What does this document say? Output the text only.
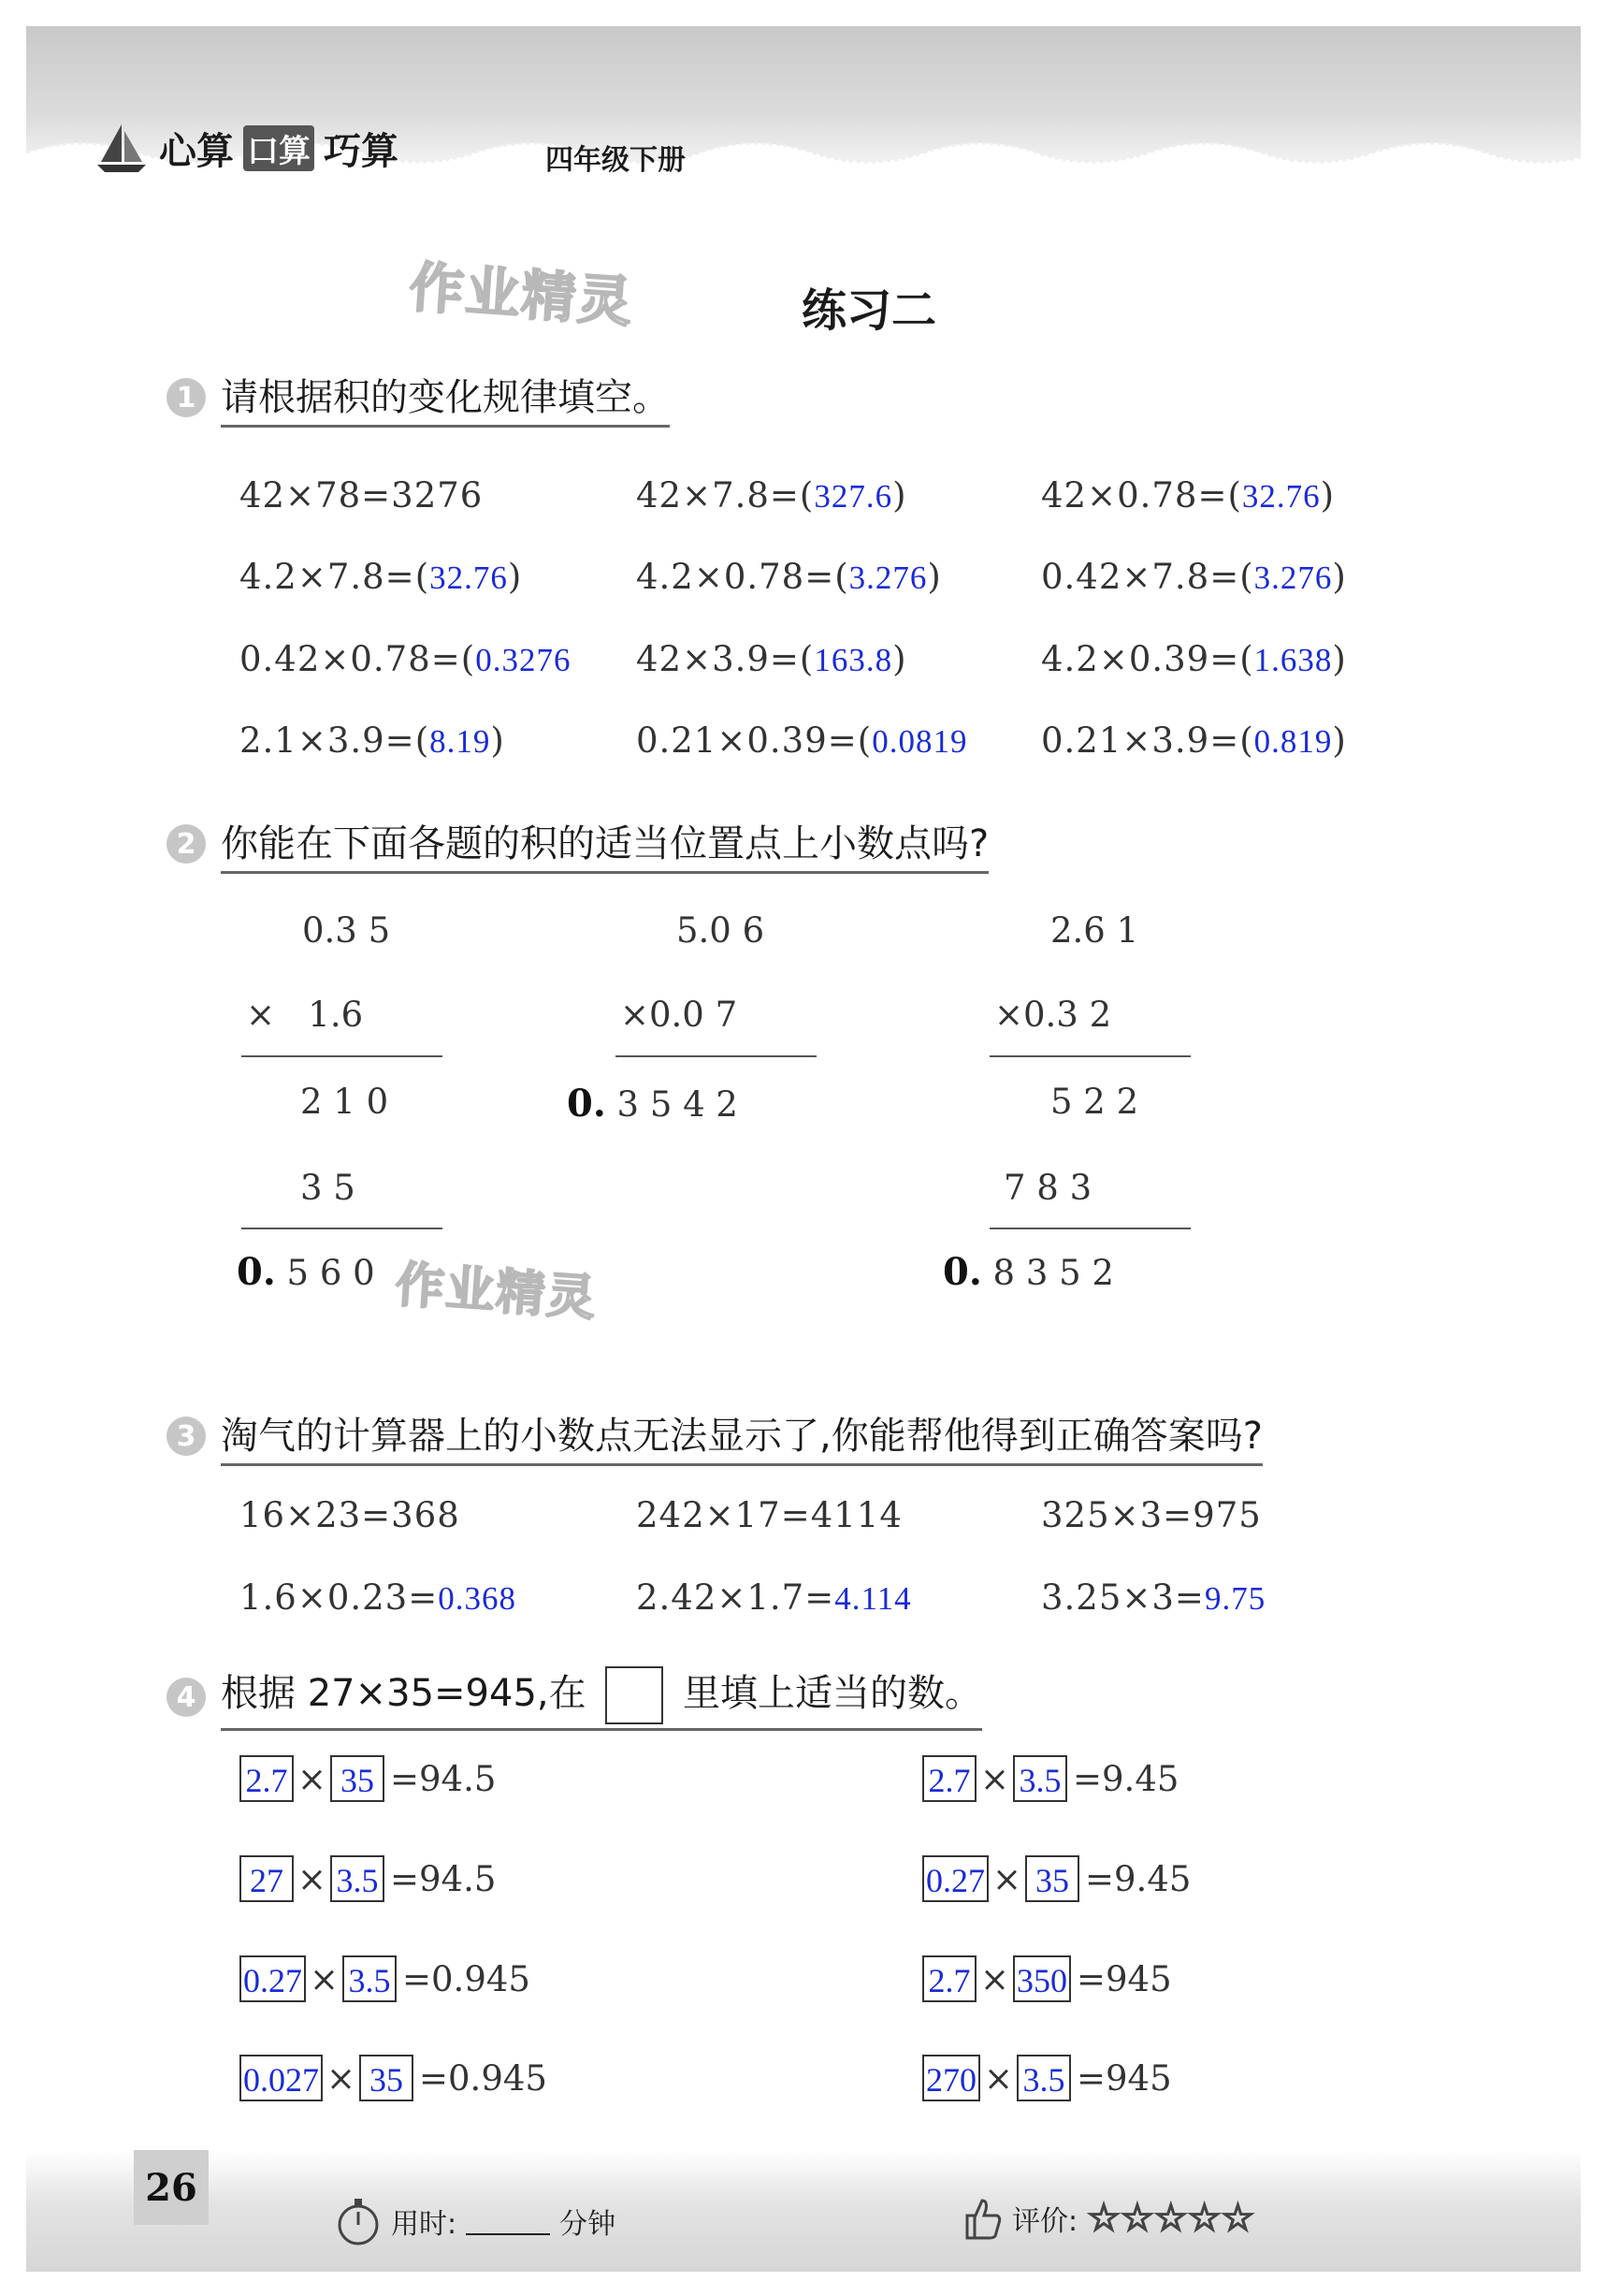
心算 口算 巧算	四年级下册
作业精灵	练习二
1 请根据积的变化规律填空。
42×78=3276	42×7.8=(327.6)	42×0.78=(32.76)
4.2×7.8=(32.76)	4.2×0.78=(3.276)	0.42×7.8=(3.276)
0.42×0.78=(0.3276 42×3.9=(163.8)	4.2×0.39=(1.638)
2.1×3.9=(8.19)	0.21×0.39=(0.0819 0.21×3.9=(0.819)
2 你能在下面各题的积的适当位置点上小数点吗?
0.3 5
×   1.6
2 1 0
3 5
0. 5 6 0
5.0 6
×0.0 7
0. 3 5 4 2
2.6 1
×0.3 2
5 2 2
7 8 3
0. 8 3 5 2
作业精灵
3 淘气的计算器上的小数点无法显示了,你能帮他得到正确答案吗?
16×23=368	242×17=4114	325×3=975
1.6×0.23=0.368	2.42×1.7=4.114	3.25×3=9.75
4 根据 27×35=945,在	里填上适当的数。
2.7 × 35 =94.5
27 × 3.5 =94.5
0.27 × 3.5 =0.945
0.027 × 35 =0.945
2.7 × 3.5 =9.45
0.27 × 35 =9.45
2.7 × 350 =945
270 × 3.5 =945
26
用时:	分钟	评价: ☆☆☆☆☆
